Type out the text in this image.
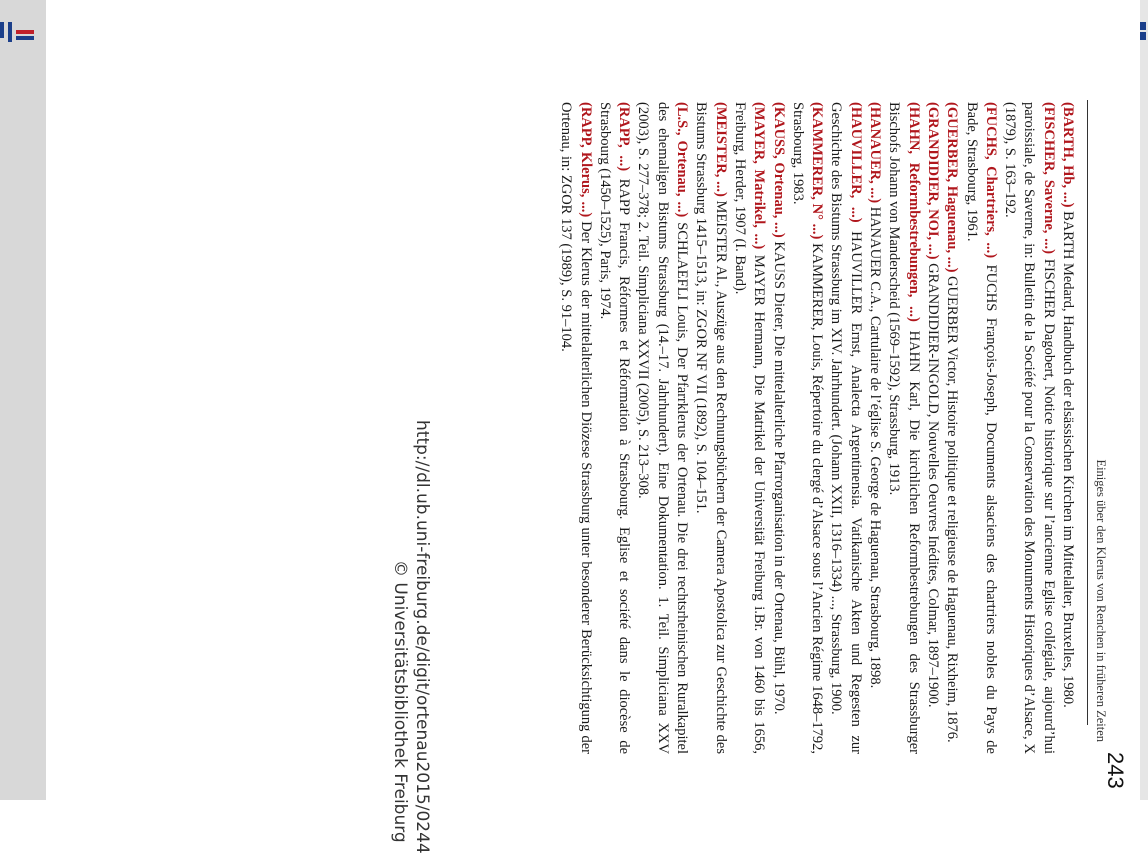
http://dl.ub.uni-freiburg.de/digit/ortenau2015/0244
© Universitätsbibliothek Freiburg	243
Einiges über den Klerus von Renchen in früheren Zeiten

(BARTH, Hb, ...) BARTH Medard, Handbuch der elsässischen Kirchen im Mittelalter, Bruxelles, 1980.

(FISCHER, Saverne, ...) FISCHER Dagobert, Notice historique sur l’ancienne Eglise collégiale, aujourd’hui paroissiale, de Saverne, in: Bulletin de la Société pour la Conservation des Monuments Historiques d’Alsace, X (1879), S. 163–192.

(FUCHS, Chartriers, ...) FUCHS François-Joseph, Documents alsaciens des chartriers nobles du Pays de Bade, Strasbourg, 1961.

(GUERBER, Haguenau, ...) GUERBER Victor, Histoire politique et religieuse de Haguenau, Rixheim, 1876.

(GRANDIDIER, NOI, ...) GRANDIDIER-INGOLD, Nouvelles Oeuvres Inédites, Colmar, 1897–1900.

(HAHN, Reformbestrebungen, ...) HAHN Karl, Die kirchlichen Reformbestrebungen des Strassburger Bischofs Johann von Manderscheid (1569–1592), Strassburg, 1913.

(HANAUER, ...) HANAUER C.A., Cartulaire de l’église S. George de Haguenau, Strasbourg, 1898.

(HAUVILLER, ...) HAUVILLER Ernst, Analecta Argentinensia. Vatikanische Akten und Regesten zur Geschichte des Bistums Strassburg im XIV. Jahrhundert. (Johann XXII, 1316–1334) ..., Strassburg, 1900.

(KAMMERER, N° ...) KAMMERER, Louis, Répertoire du clergé d’Alsace sous l’Ancien Régime 1648–1792, Strasbourg, 1983.

(KAUSS, Ortenau, ...) KAUSS Dieter, Die mittelalterliche Pfarrorganisation in der Ortenau, Bühl, 1970.

(MAYER, Matrikel, ...) MAYER Hermann, Die Matrikel der Universität Freiburg i.Br. von 1460 bis 1656, Freiburg, Herder, 1907 (I. Band).

(MEISTER, ...) MEISTER Al., Auszüge aus den Rechnungsbüchern der Camera Apostolica zur Geschichte des Bistums Strassburg 1415–1513, in: ZGOR NF VII (1892), S. 104–151.

(L.S., Ortenau, ...) SCHLAEFLI Louis, Der Pfarrklerus der Ortenau. Die drei rechtsrheinischen Ruralkapitel des ehemaligen Bistums Strassburg (14.–17. Jahrhundert). Eine Dokumentation. 1. Teil. Simpliciana XXV (2003), S. 277–378; 2. Teil. Simpliciana XXVII (2005), S. 213–308.

(RAPP, ...) RAPP Francis, Réformes et Réformation à Strasbourg. Eglise et société dans le diocèse de Strasbourg (1450–1525), Paris, 1974.

(RAPP, Klerus, ...) Der Klerus der mittelalterlichen Diözese Strassburg unter besonderer Berücksichtigung der Ortenau, in: ZGOR 137 (1989), S. 91–104.
